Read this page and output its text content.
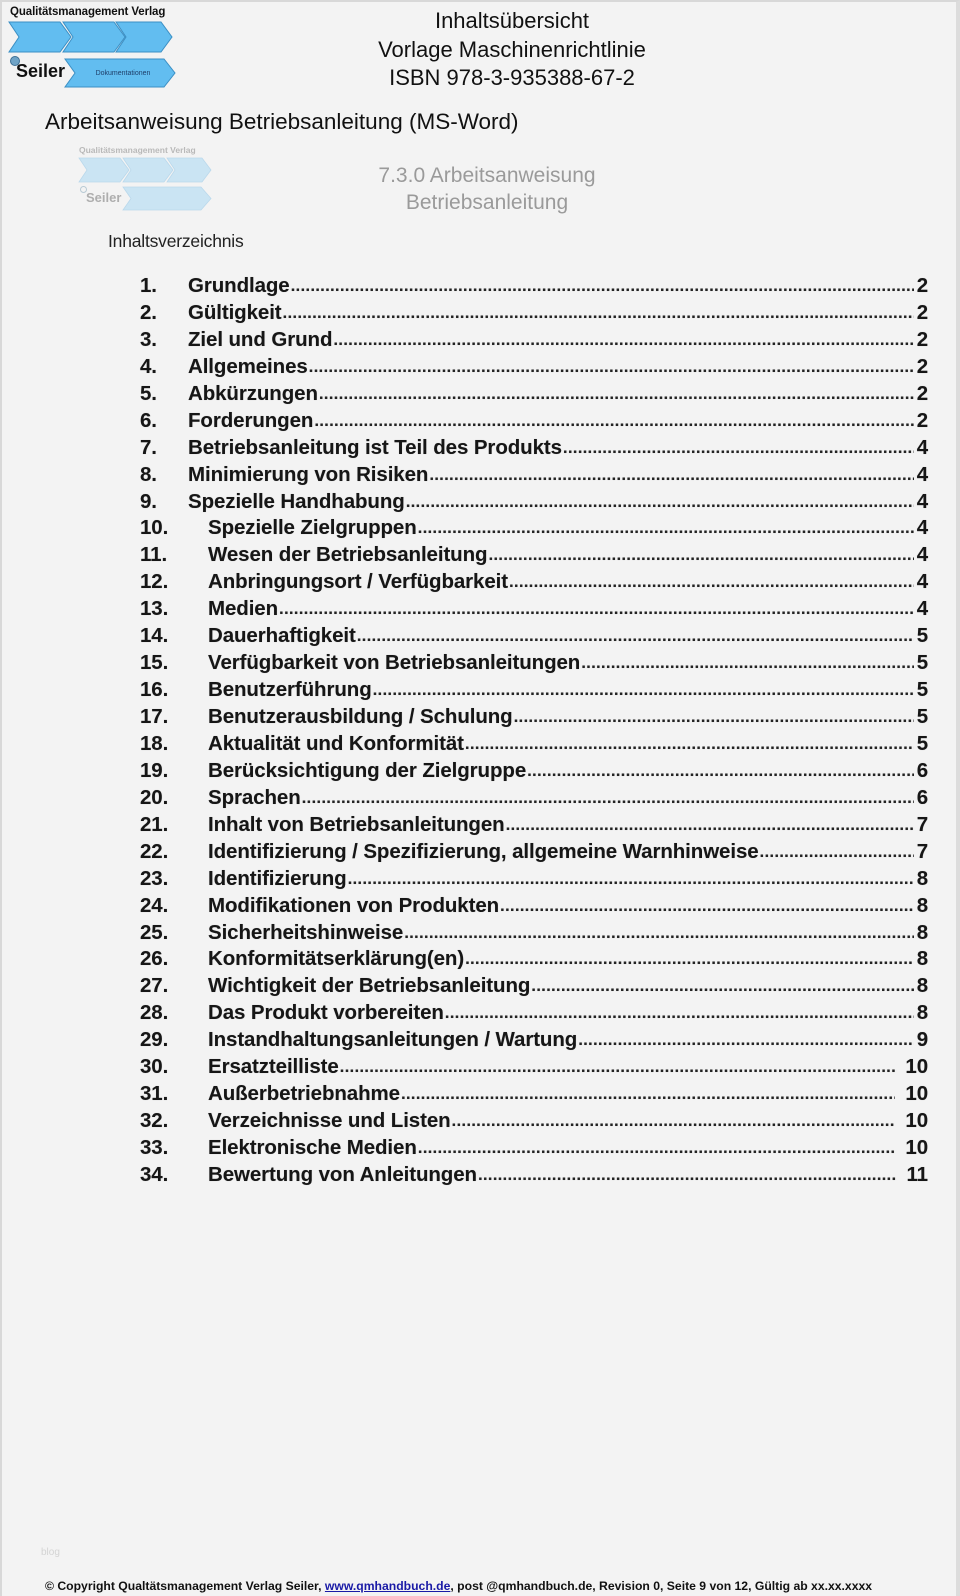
Qualitätsmanagement Verlag
Seiler	Dokumentationen
Inhaltsübersicht
Vorlage Maschinenrichtlinie
ISBN 978-3-935388-67-2
Arbeitsanweisung Betriebsanleitung (MS-Word)
Qualitätsmanagement Verlag
Seiler
7.3.0 Arbeitsanweisung
Betriebsanleitung
Inhaltsverzeichnis
1.	Grundlage .....	2
2.	Gültigkeit .....	2
3.	Ziel und Grund .....	2
4.	Allgemeines .....	2
5.	Abkürzungen .....	2
6.	Forderungen .....	2
7.	Betriebsanleitung ist Teil des Produkts .....	4
8.	Minimierung von Risiken .....	4
9.	Spezielle Handhabung .....	4
10.	Spezielle Zielgruppen .....	4
11.	Wesen der Betriebsanleitung .....	4
12.	Anbringungsort / Verfügbarkeit .....	4
13.	Medien .....	4
14.	Dauerhaftigkeit .....	5
15.	Verfügbarkeit von Betriebsanleitungen .....	5
16.	Benutzerführung .....	5
17.	Benutzerausbildung / Schulung .....	5
18.	Aktualität und Konformität .....	5
19.	Berücksichtigung der Zielgruppe .....	6
20.	Sprachen .....	6
21.	Inhalt von Betriebsanleitungen .....	7
22.	Identifizierung / Spezifizierung, allgemeine Warnhinweise .....	7
23.	Identifizierung .....	8
24.	Modifikationen von Produkten .....	8
25.	Sicherheitshinweise .....	8
26.	Konformitätserklärung(en) .....	8
27.	Wichtigkeit der Betriebsanleitung .....	8
28.	Das Produkt vorbereiten .....	8
29.	Instandhaltungsanleitungen / Wartung .....	9
30.	Ersatzteilliste .....	10
31.	Außerbetriebnahme .....	10
32.	Verzeichnisse und Listen .....	10
33.	Elektronische Medien .....	10
34.	Bewertung von Anleitungen .....	11
blog
© Copyright Qualtätsmanagement Verlag Seiler, www.qmhandbuch.de, post @qmhandbuch.de, Revision 0, Seite 9 von 12, Gültig ab xx.xx.xxxx
